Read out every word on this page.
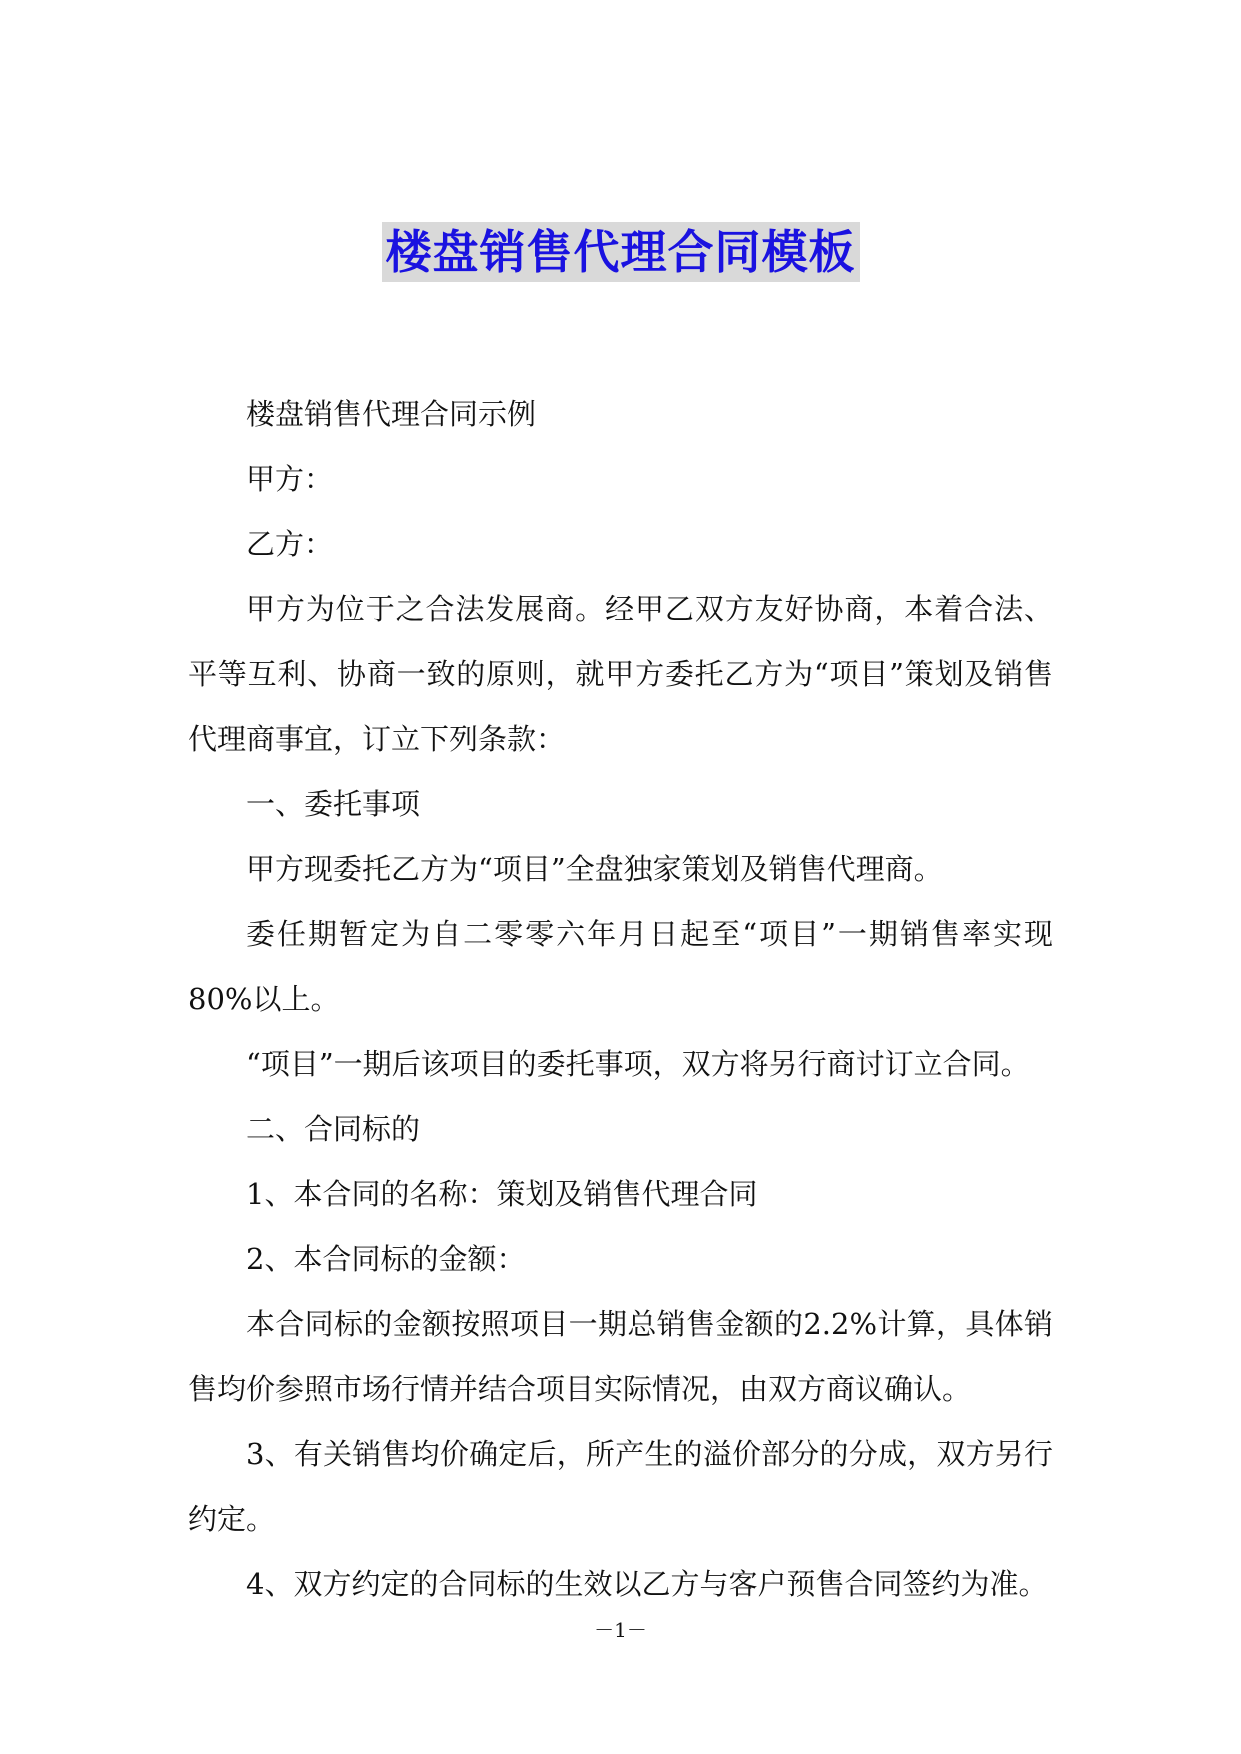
楼盘销售代理合同模板

楼盘销售代理合同示例

甲方：

乙方：

甲方为位于之合法发展商。经甲乙双方友好协商，本着合法、平等互利、协商一致的原则，就甲方委托乙方为“项目”策划及销售代理商事宜，订立下列条款：

一、委托事项

甲方现委托乙方为“项目”全盘独家策划及销售代理商。

委任期暂定为自二零零六年月日起至“项目”一期销售率实现80%以上。

“项目”一期后该项目的委托事项，双方将另行商讨订立合同。

二、合同标的

1、本合同的名称：策划及销售代理合同

2、本合同标的金额：

本合同标的金额按照项目一期总销售金额的2.2%计算，具体销售均价参照市场行情并结合项目实际情况，由双方商议确认。

3、有关销售均价确定后，所产生的溢价部分的分成，双方另行约定。

4、双方约定的合同标的生效以乙方与客户预售合同签约为准。

－1－
